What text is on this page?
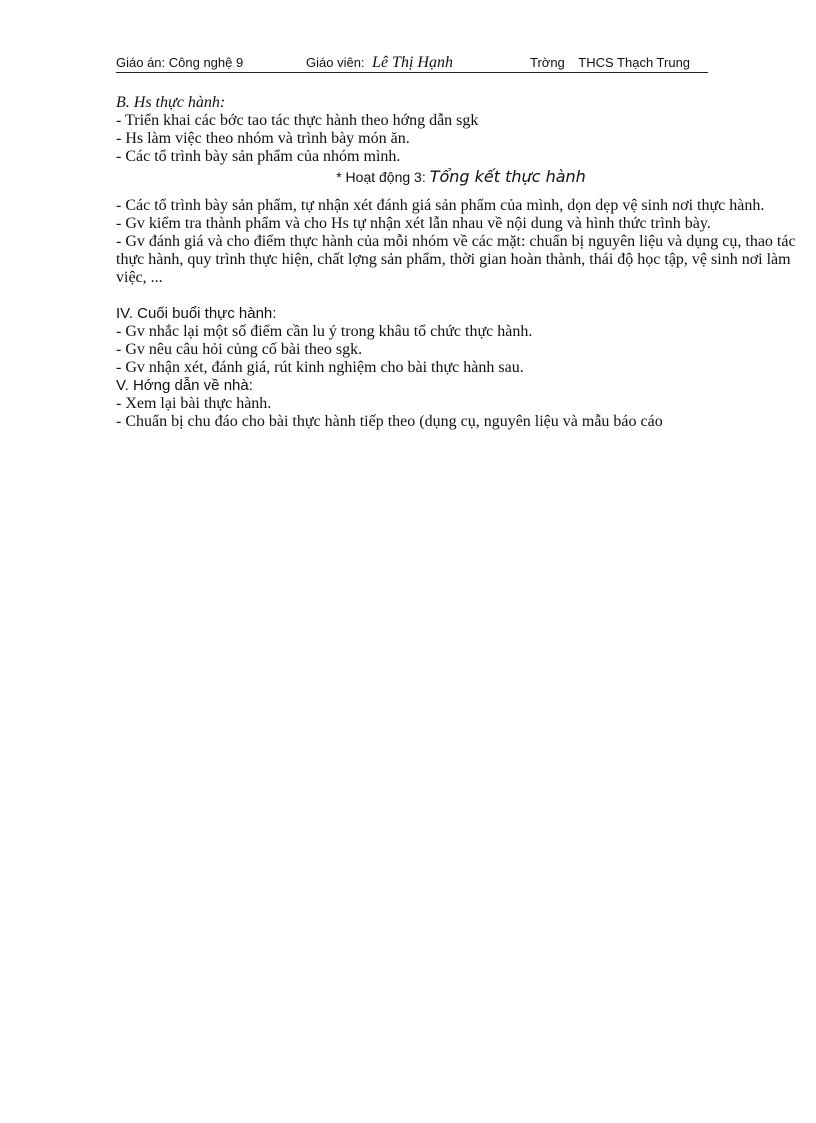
Giáo án: Công nghệ 9	Giáo viên: Lê Thị Hạnh	Trờng THCS Thạch Trung
B. Hs thực hành:
- Triển khai các bớc tao tác thực hành theo hớng dẫn sgk
- Hs làm việc theo nhóm và trình bày món ăn.
- Các tổ trình bày sản phẩm của nhóm mình.
* Hoạt động 3: Tổng kết thực hành
- Các tổ trình bày sản phẩm, tự nhận xét đánh giá sản phẩm của mình, dọn dẹp vệ sinh nơi thực hành.
- Gv kiểm tra thành phẩm và cho Hs tự nhận xét lẫn nhau về nội dung và hình thức trình bày.
- Gv đánh giá và cho điểm thực hành của mỗi nhóm về các mặt: chuẩn bị nguyên liệu và dụng cụ, thao tác thực hành, quy trình thực hiện, chất lợng sản phẩm, thời gian hoàn thành, thái độ học tập, vệ sinh nơi làm việc, ...
IV. Cuối buổi thực hành:
- Gv nhắc lại một số điểm cần lu ý trong khâu tổ chức thực hành.
- Gv nêu câu hỏi củng cố bài theo sgk.
- Gv nhận xét, đánh giá, rút kinh nghiệm cho bài thực hành sau.
V. Hớng dẫn về nhà:
- Xem lại bài thực hành.
- Chuẩn bị chu đáo cho bài thực hành tiếp theo (dụng cụ, nguyên liệu và mẫu báo cáo
